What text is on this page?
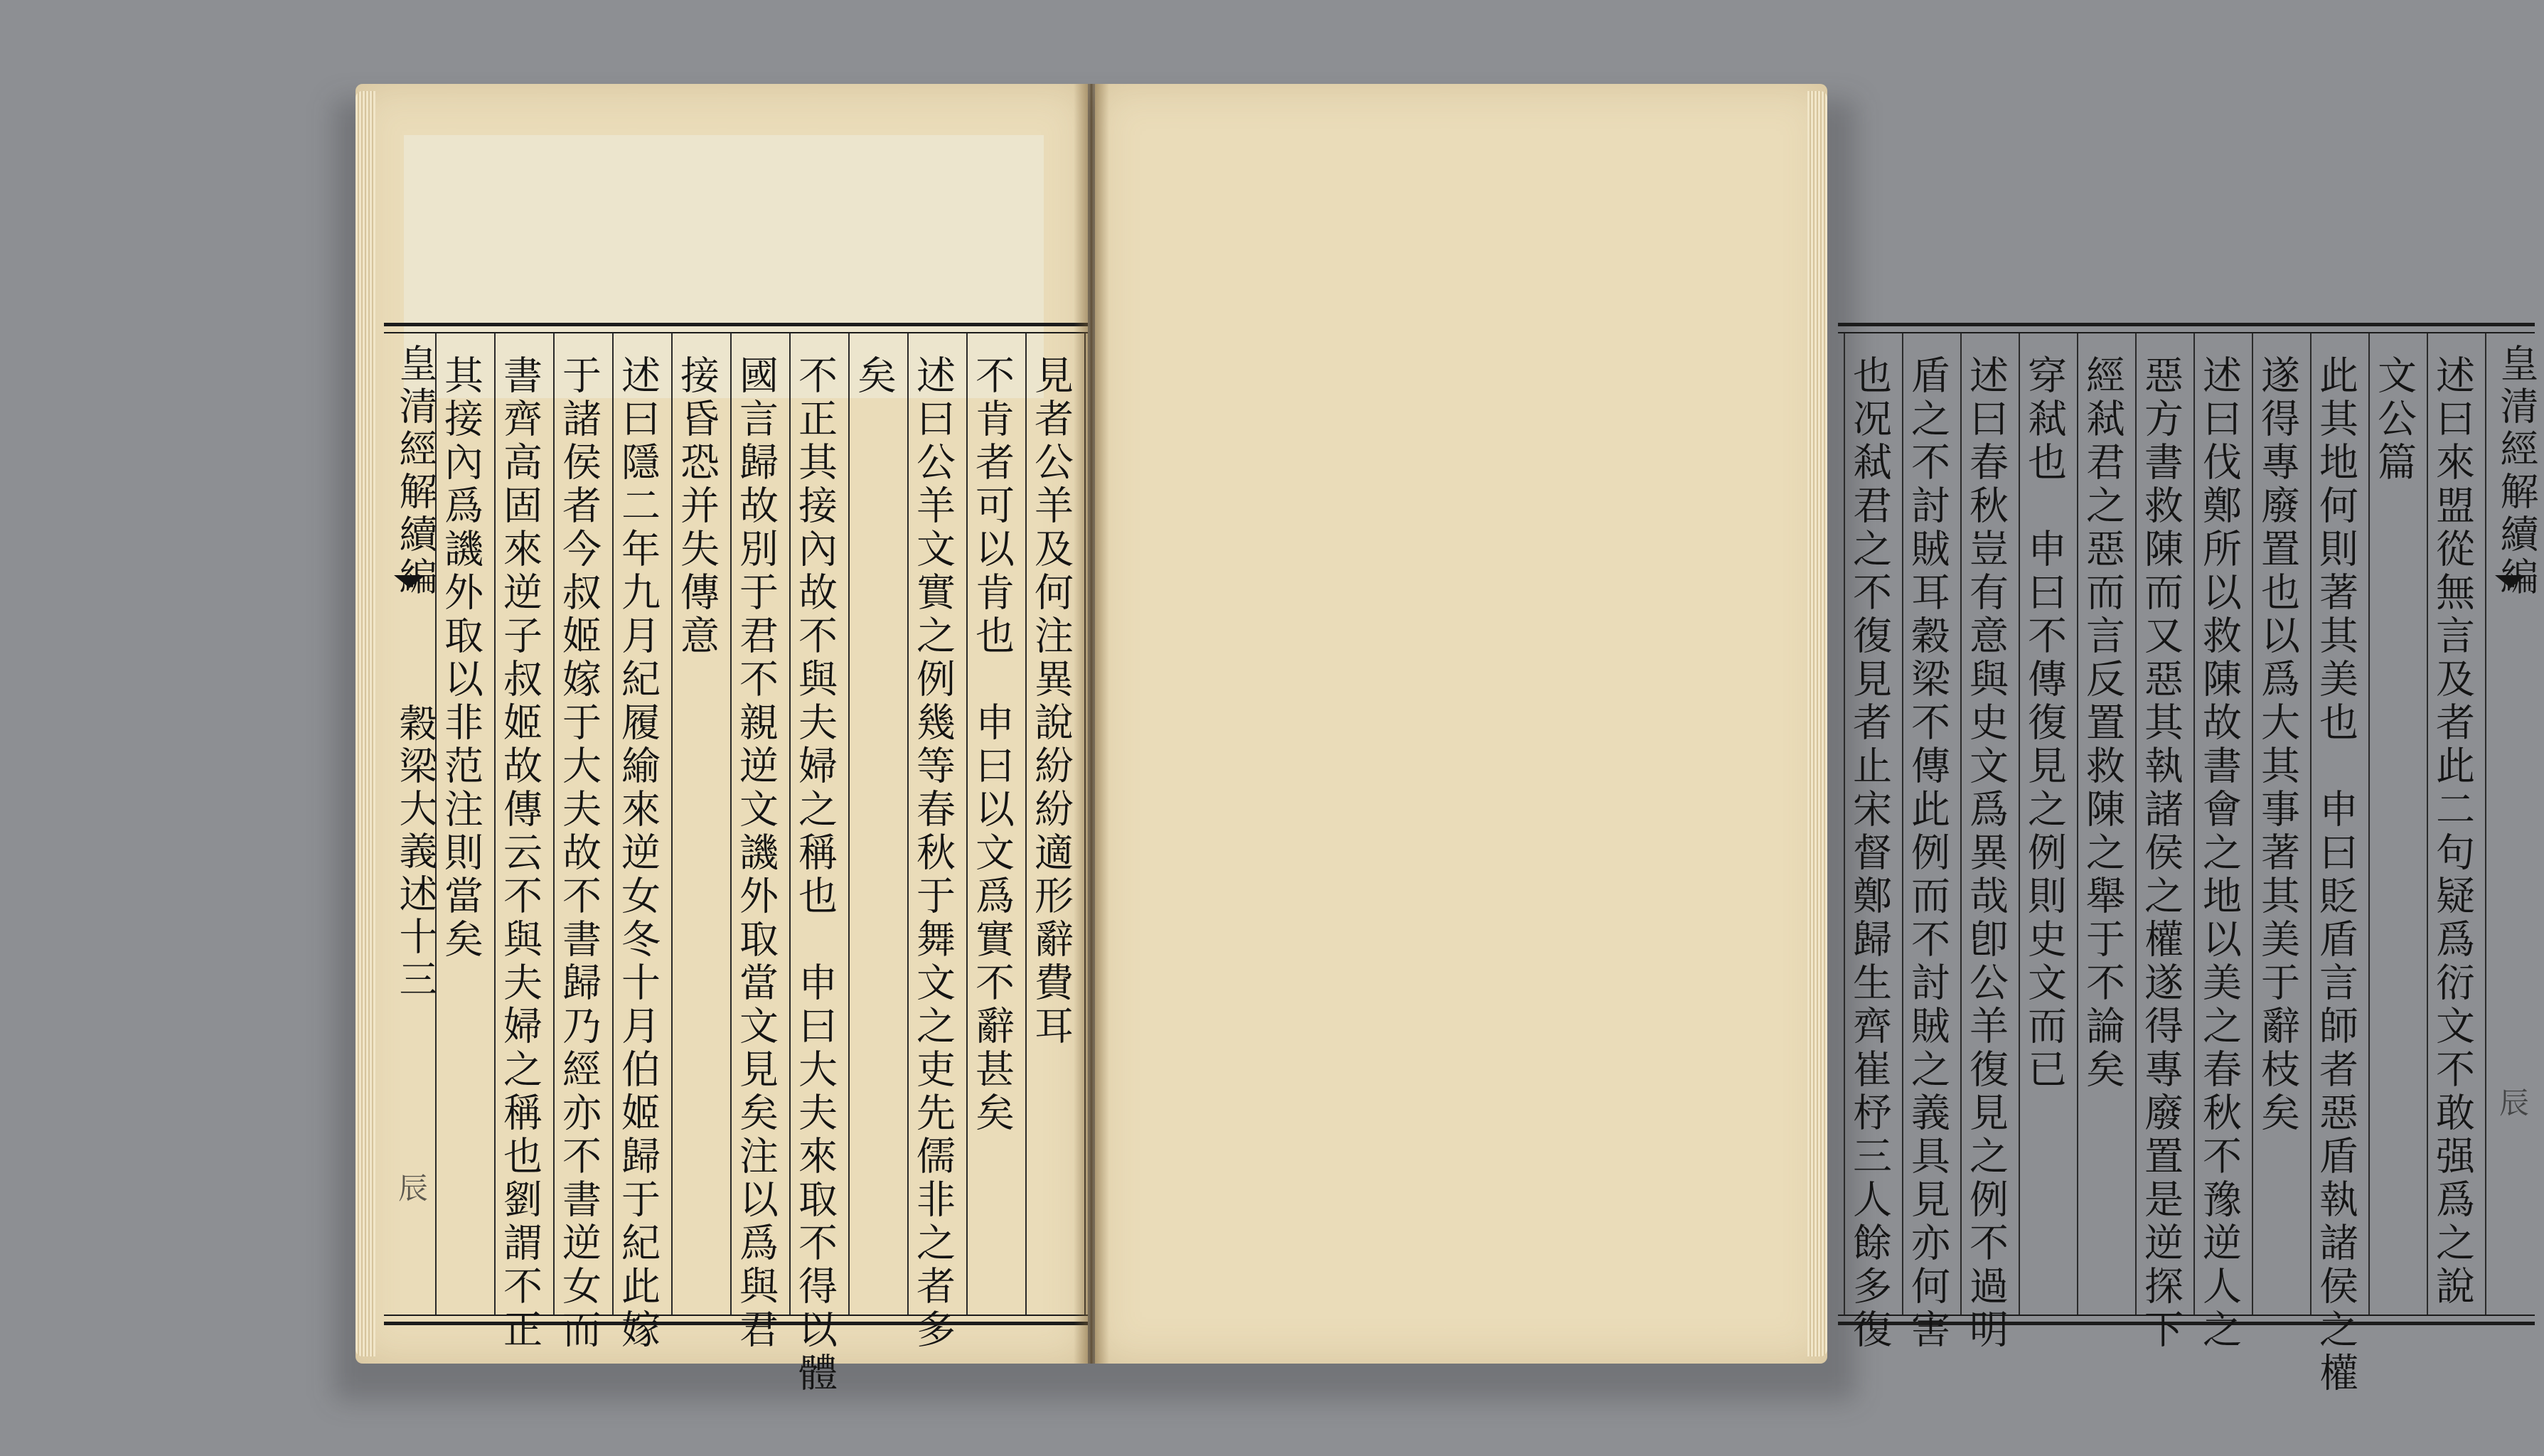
皇清經解續編
穀梁大義述十三
辰
見者公羊及何注異說紛紛適形辭費耳
不肯者可以肯也　申曰以文爲實不辭甚矣
述曰公羊文實之例幾等春秋于舞文之吏先儒非之者多
矣
不正其接內故不與夫婦之稱也　申曰大夫來取不得以體
國言歸故別于君不親逆文譏外取當文見矣注以爲與君
接昏恐并失傳意
述曰隱二年九月紀履緰來逆女冬十月伯姬歸于紀此嫁
于諸侯者今叔姬嫁于大夫故不書歸乃經亦不書逆女而
書齊高固來逆子叔姬故傳云不與夫婦之稱也劉謂不正
其接內爲譏外取以非范注則當矣	述曰來盟從無言及者此二句疑爲衍文不敢强爲之說
文公篇
此其地何則著其美也　申曰貶盾言師者惡盾執諸侯之權
遂得專廢置也以爲大其事著其美于辭枝矣
述曰伐鄭所以救陳故書會之地以美之春秋不豫逆人之
惡方書救陳而又惡其執諸侯之權遂得專廢置是逆探下
經弒君之惡而言反置救陳之舉于不論矣
穿弒也　申曰不傳復見之例則史文而已
述曰春秋豈有意與史文爲異哉卽公羊復見之例不過明
盾之不討賊耳穀梁不傳此例而不討賊之義具見亦何害
也况弒君之不復見者止宋督鄭歸生齊崔杼三人餘多復	皇清經解續編
辰
